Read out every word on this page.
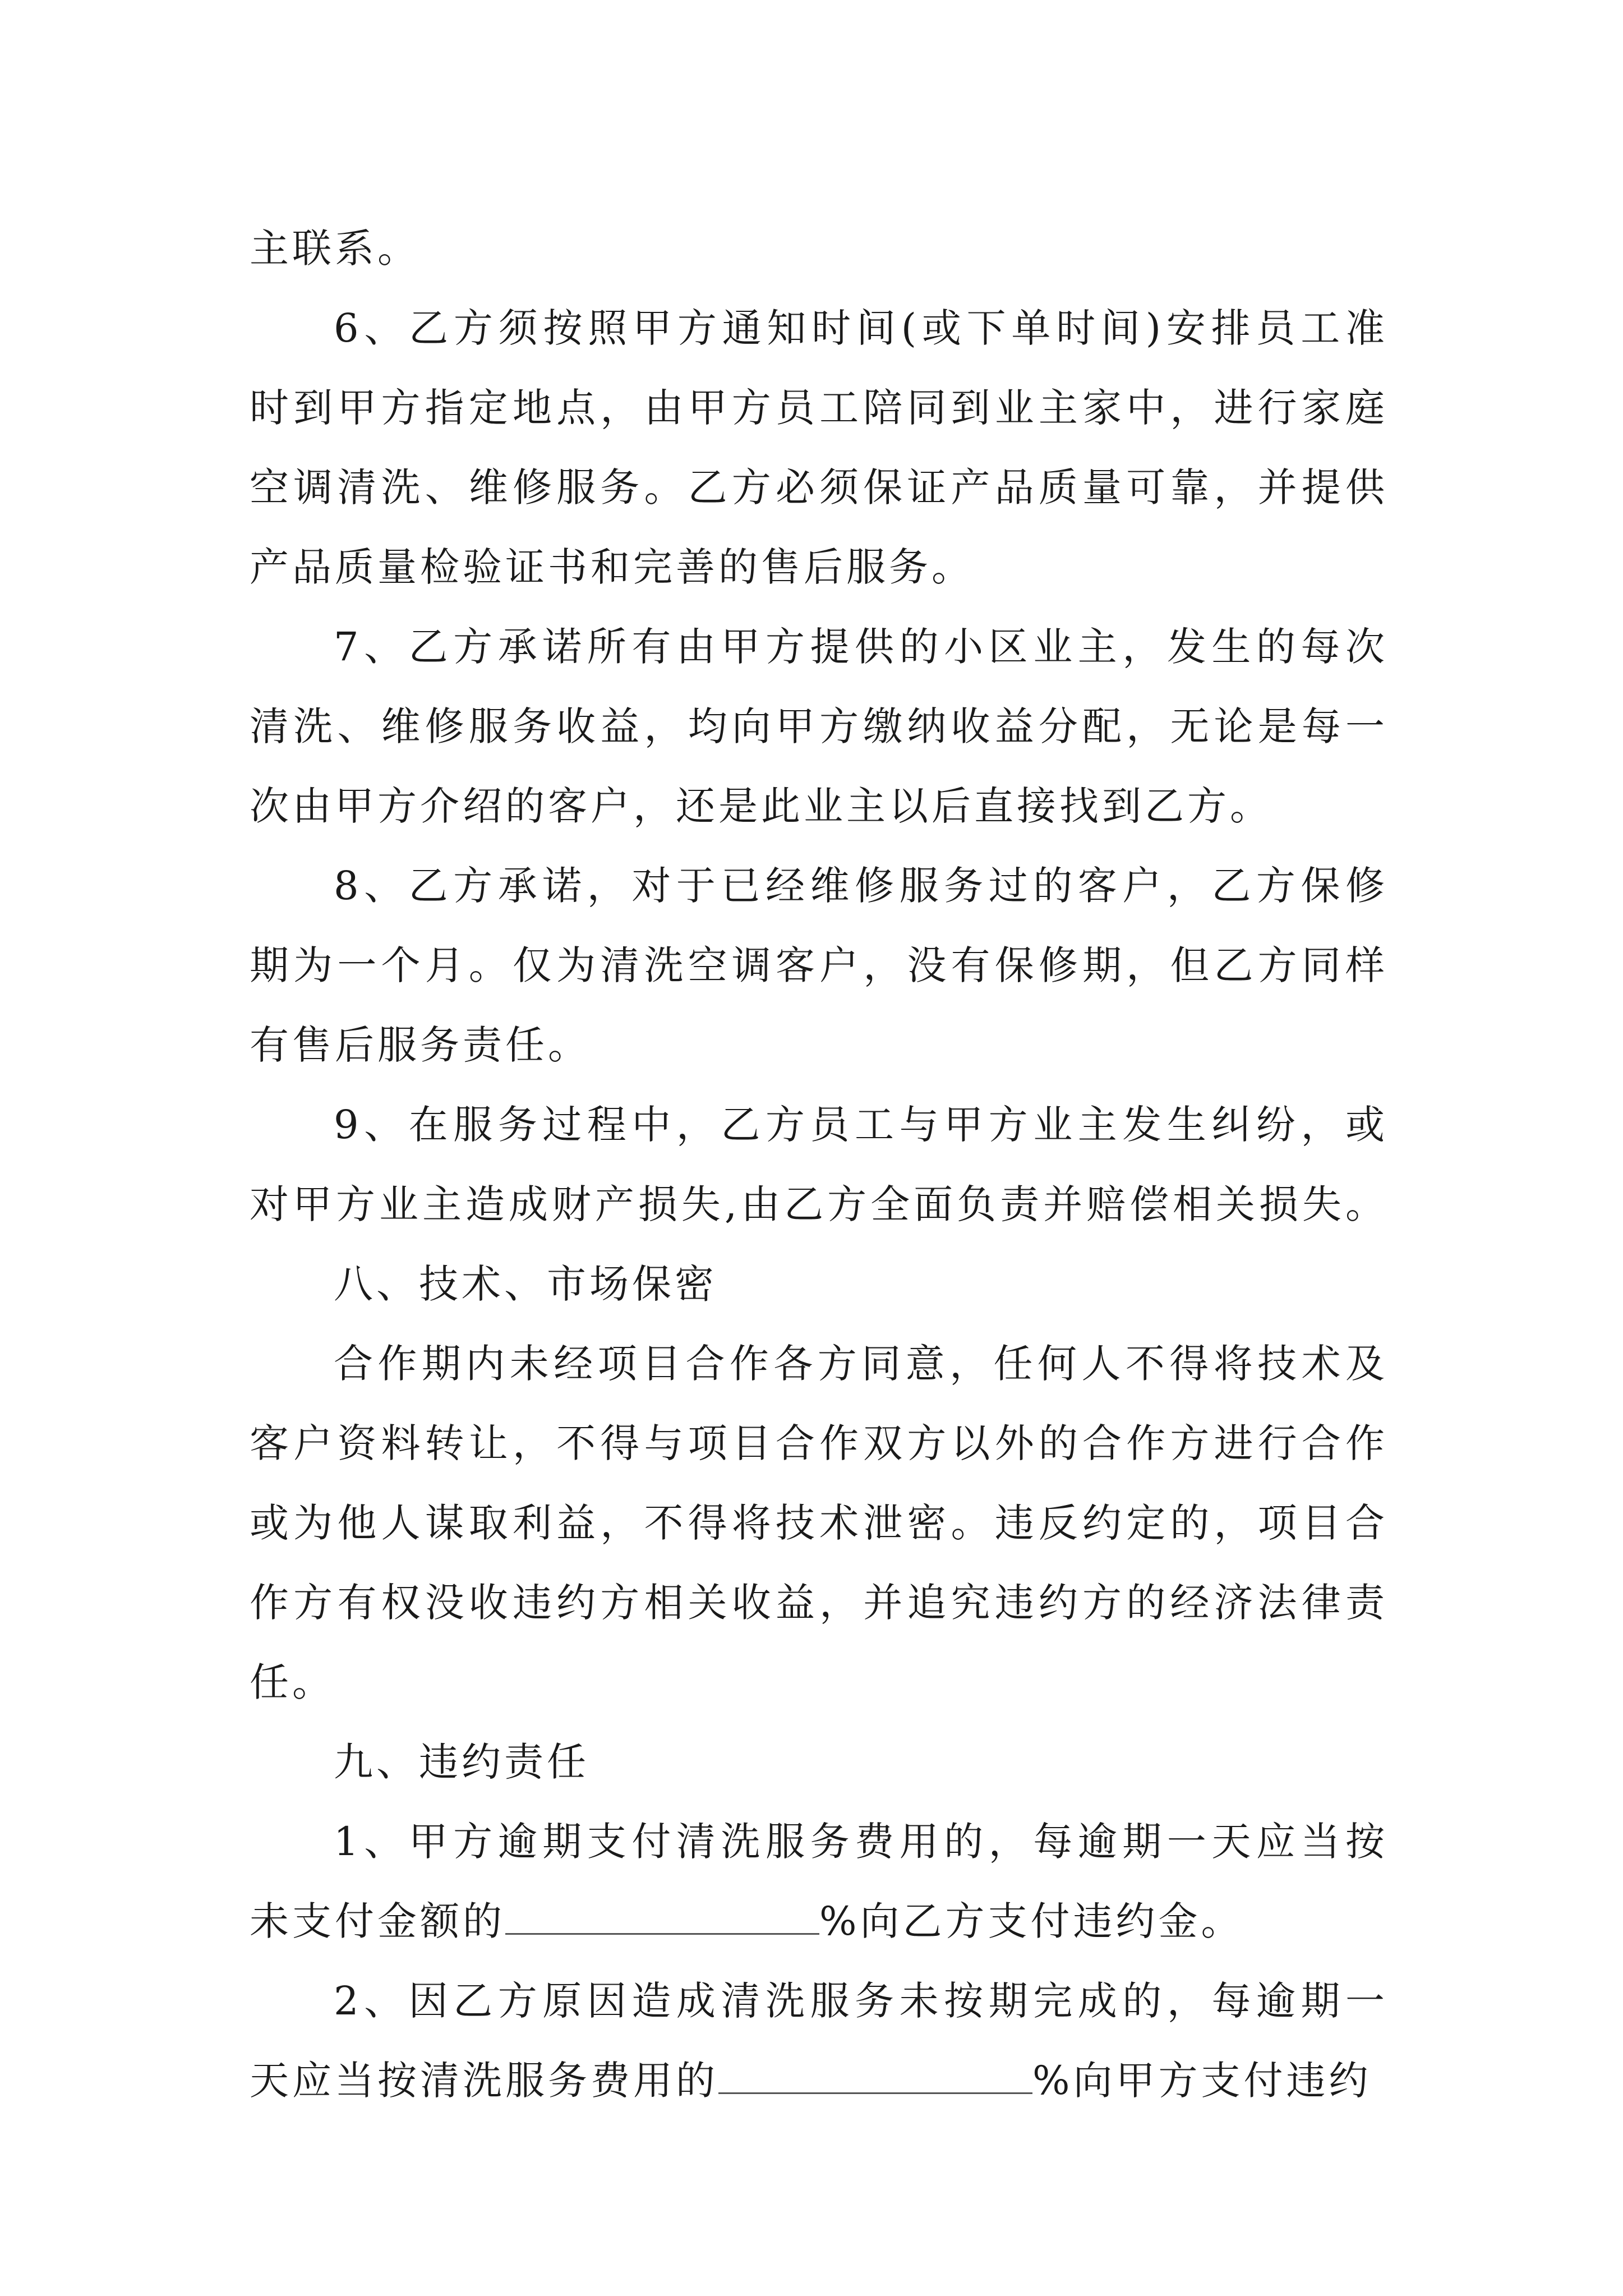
主联系。
6、乙方须按照甲方通知时间(或下单时间)安排员工准
时到甲方指定地点，由甲方员工陪同到业主家中，进行家庭
空调清洗、维修服务。乙方必须保证产品质量可靠，并提供
产品质量检验证书和完善的售后服务。
7、乙方承诺所有由甲方提供的小区业主，发生的每次
清洗、维修服务收益，均向甲方缴纳收益分配，无论是每一
次由甲方介绍的客户，还是此业主以后直接找到乙方。
8、乙方承诺，对于已经维修服务过的客户，乙方保修
期为一个月。仅为清洗空调客户，没有保修期，但乙方同样
有售后服务责任。
9、在服务过程中，乙方员工与甲方业主发生纠纷，或
对甲方业主造成财产损失,由乙方全面负责并赔偿相关损失。
八、技术、市场保密
合作期内未经项目合作各方同意，任何人不得将技术及
客户资料转让，不得与项目合作双方以外的合作方进行合作
或为他人谋取利益，不得将技术泄密。违反约定的，项目合
作方有权没收违约方相关收益，并追究违约方的经济法律责
任。
九、违约责任
1、甲方逾期支付清洗服务费用的，每逾期一天应当按
未支付金额的	%向乙方支付违约金。
2、因乙方原因造成清洗服务未按期完成的，每逾期一
天应当按清洗服务费用的	%向甲方支付违约
